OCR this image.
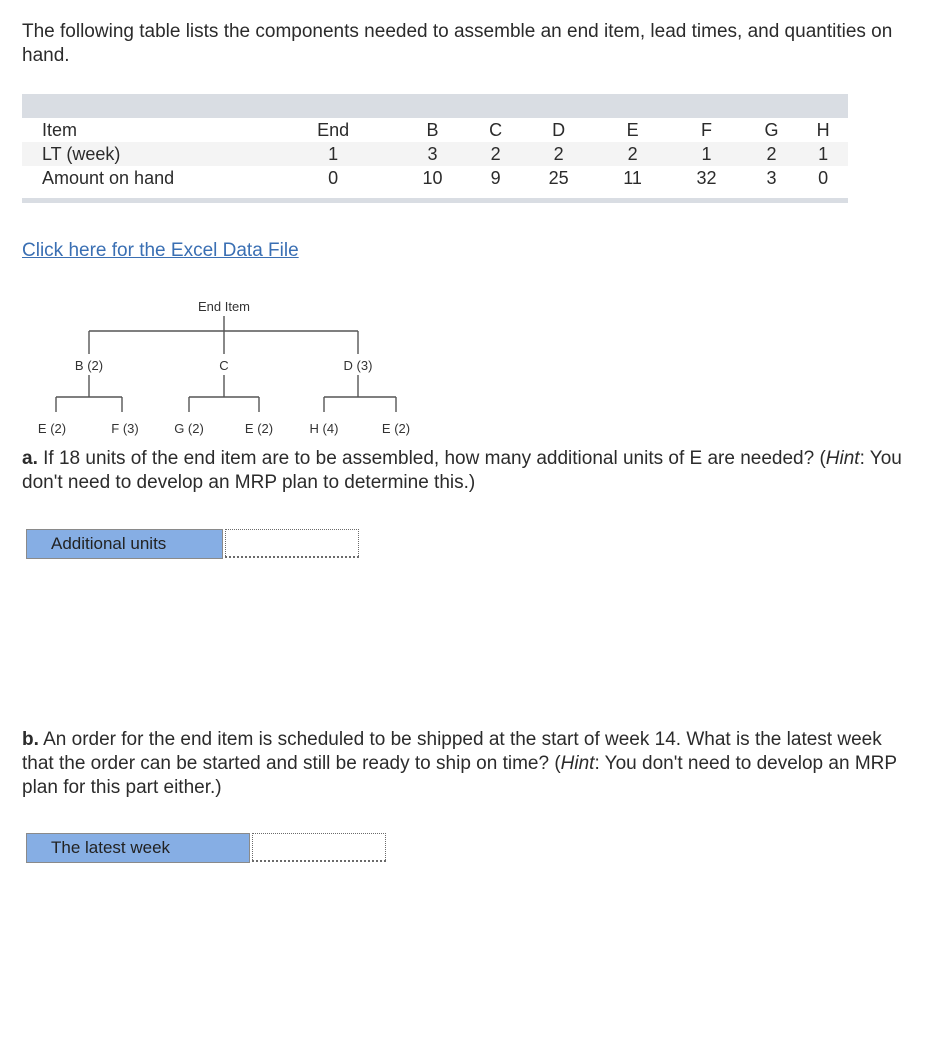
The following table lists the components needed to assemble an end item, lead times, and quantities on hand.

Item	End	B	C	D	E	F	G	H
LT (week)	1	3	2	2	2	1	2	1
Amount on hand	0	10	9	25	11	32	3	0
Click here for the Excel Data File
End Item
B (2)	C	D (3)
E (2)	F (3)	G (2)	E (2)	H (4)	E (2)

a. If 18 units of the end item are to be assembled, how many additional units of E are needed? (Hint: You don't need to develop an MRP plan to determine this.)

Additional units

b. An order for the end item is scheduled to be shipped at the start of week 14. What is the latest week that the order can be started and still be ready to ship on time? (Hint: You don't need to develop an MRP plan for this part either.)

The latest week
